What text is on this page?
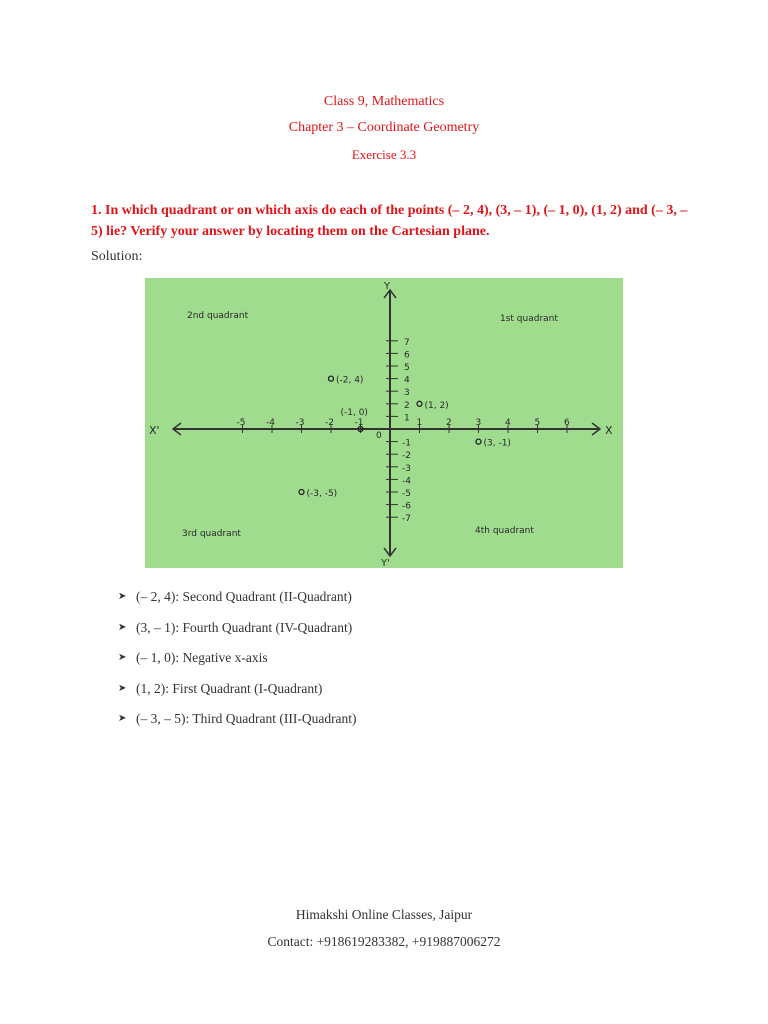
Class 9, Mathematics
Chapter 3 – Coordinate Geometry
Exercise 3.3
1. In which quadrant or on which axis do each of the points (– 2, 4), (3, – 1), (– 1, 0), (1, 2) and (– 3, – 5) lie? Verify your answer by locating them on the Cartesian plane.
Solution:
X'	X
Y
Y'
2nd quadrant	1st quadrant
3rd quadrant	4th quadrant
0
-5 -4 -3 -2 -1	1	2	3	4	5	6
1
2
3
4
5
6
7
-1
-2
-3
-4
-5
-6
-7
(-2, 4)
(1, 2)
(-1, 0)
(3, -1)
(-3, -5)
➤ (– 2, 4): Second Quadrant (II-Quadrant)
➤ (3, – 1): Fourth Quadrant (IV-Quadrant)
➤ (– 1, 0): Negative x-axis
➤ (1, 2): First Quadrant (I-Quadrant)
➤ (– 3, – 5): Third Quadrant (III-Quadrant)
Himakshi Online Classes, Jaipur
Contact: +918619283382, +919887006272
